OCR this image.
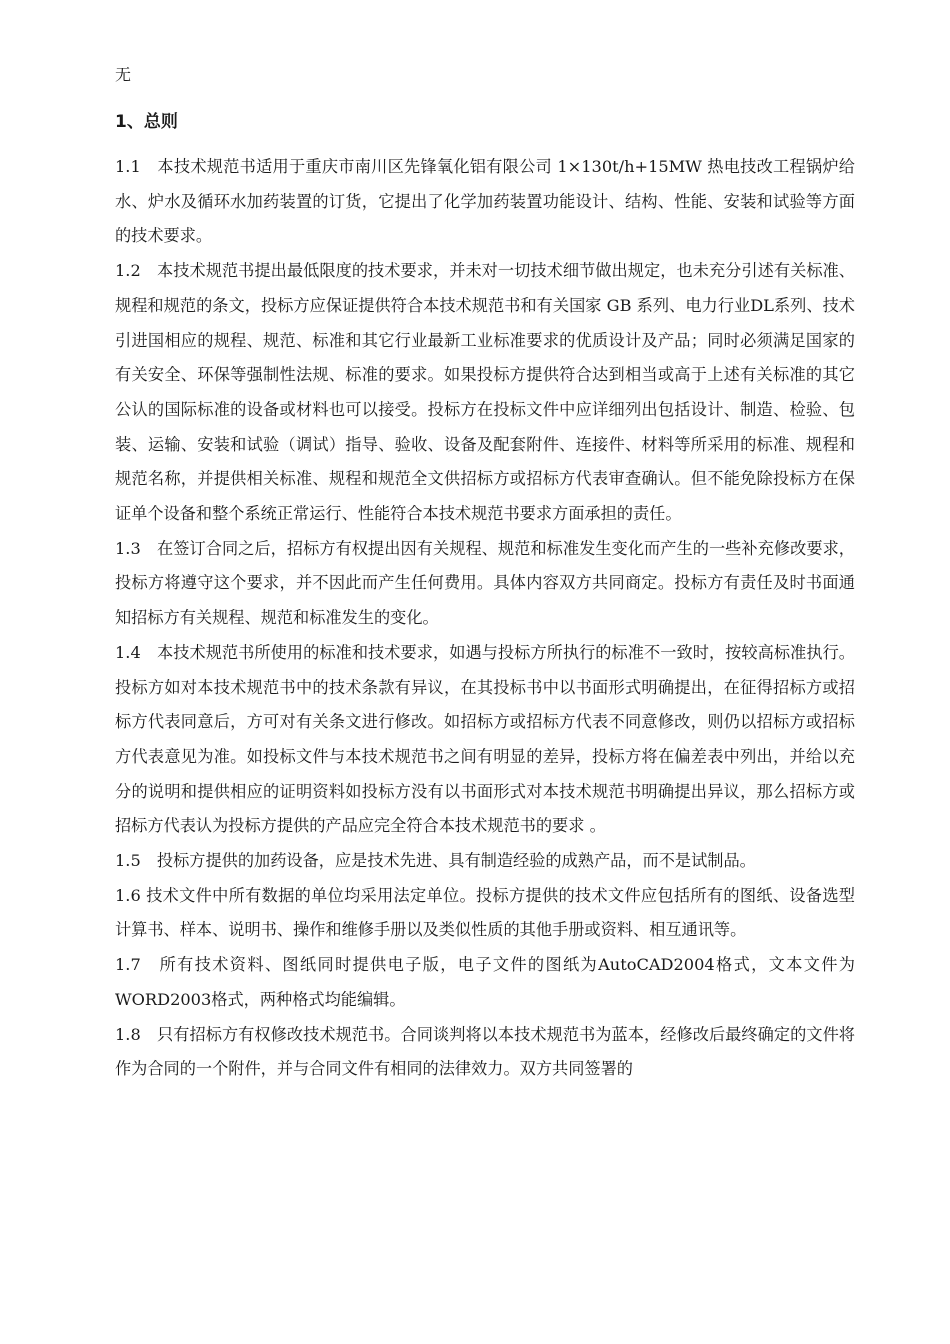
无
1、总则

1.1　本技术规范书适用于重庆市南川区先锋氧化铝有限公司 1×130t/h+15MW 热电技改工程锅炉给水、炉水及循环水加药装置的订货，它提出了化学加药装置功能设计、结构、性能、安装和试验等方面的技术要求。

1.2　本技术规范书提出最低限度的技术要求，并未对一切技术细节做出规定，也未充分引述有关标准、规程和规范的条文，投标方应保证提供符合本技术规范书和有关国家 GB 系列、电力行业DL系列、技术引进国相应的规程、规范、标准和其它行业最新工业标准要求的优质设计及产品；同时必须满足国家的有关安全、环保等强制性法规、标准的要求。如果投标方提供符合达到相当或高于上述有关标准的其它公认的国际标准的设备或材料也可以接受。投标方在投标文件中应详细列出包括设计、制造、检验、包装、运输、安装和试验（调试）指导、验收、设备及配套附件、连接件、材料等所采用的标准、规程和规范名称，并提供相关标准、规程和规范全文供招标方或招标方代表审查确认。但不能免除投标方在保证单个设备和整个系统正常运行、性能符合本技术规范书要求方面承担的责任。

1.3　在签订合同之后，招标方有权提出因有关规程、规范和标准发生变化而产生的一些补充修改要求，投标方将遵守这个要求，并不因此而产生任何费用。具体内容双方共同商定。投标方有责任及时书面通知招标方有关规程、规范和标准发生的变化。

1.4　本技术规范书所使用的标准和技术要求，如遇与投标方所执行的标准不一致时，按较高标准执行。投标方如对本技术规范书中的技术条款有异议，在其投标书中以书面形式明确提出，在征得招标方或招标方代表同意后，方可对有关条文进行修改。如招标方或招标方代表不同意修改，则仍以招标方或招标方代表意见为准。如投标文件与本技术规范书之间有明显的差异，投标方将在偏差表中列出，并给以充分的说明和提供相应的证明资料如投标方没有以书面形式对本技术规范书明确提出异议，那么招标方或招标方代表认为投标方提供的产品应完全符合本技术规范书的要求 。

1.5　投标方提供的加药设备，应是技术先进、具有制造经验的成熟产品，而不是试制品。

1.6 技术文件中所有数据的单位均采用法定单位。投标方提供的技术文件应包括所有的图纸、设备选型计算书、样本、说明书、操作和维修手册以及类似性质的其他手册或资料、相互通讯等。

1.7　所有技术资料、图纸同时提供电子版，电子文件的图纸为AutoCAD2004格式，文本文件为WORD2003格式，两种格式均能编辑。

1.8　只有招标方有权修改技术规范书。合同谈判将以本技术规范书为蓝本，经修改后最终确定的文件将作为合同的一个附件，并与合同文件有相同的法律效力。双方共同签署的
